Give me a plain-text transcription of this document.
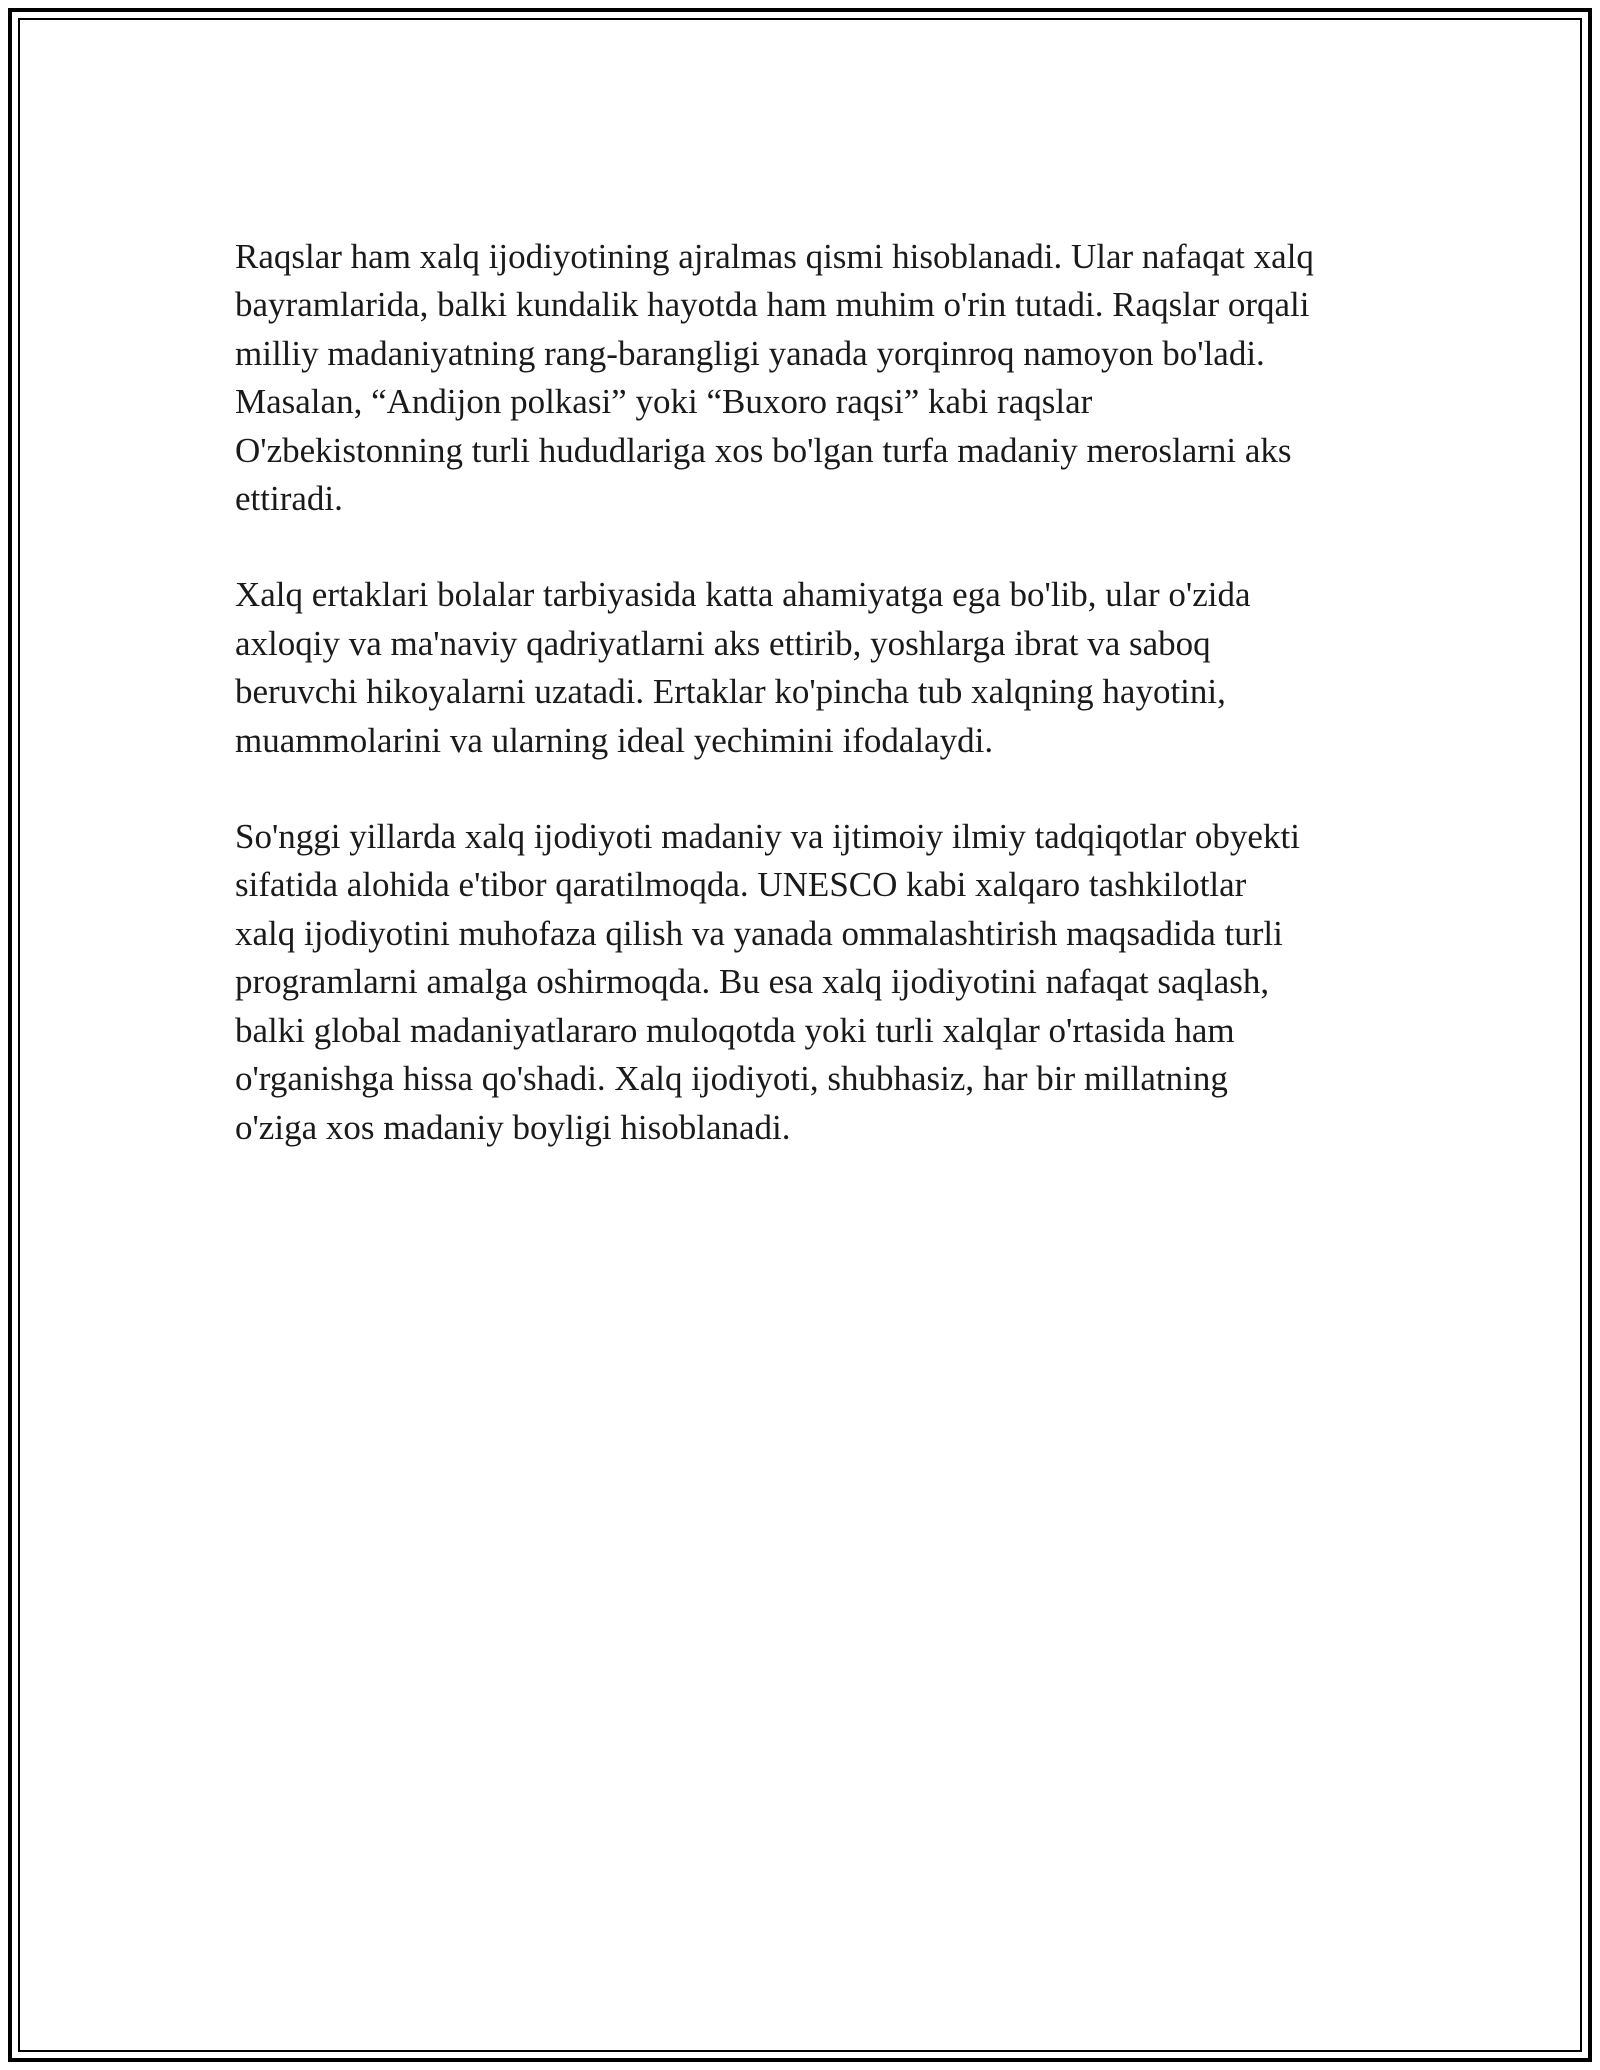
Raqslar ham xalq ijodiyotining ajralmas qismi hisoblanadi. Ular nafaqat xalq
bayramlarida, balki kundalik hayotda ham muhim o'rin tutadi. Raqslar orqali
milliy madaniyatning rang-barangligi yanada yorqinroq namoyon bo'ladi.
Masalan, “Andijon polkasi” yoki “Buxoro raqsi” kabi raqslar
O'zbekistonning turli hududlariga xos bo'lgan turfa madaniy meroslarni aks
ettiradi.

Xalq ertaklari bolalar tarbiyasida katta ahamiyatga ega bo'lib, ular o'zida
axloqiy va ma'naviy qadriyatlarni aks ettirib, yoshlarga ibrat va saboq
beruvchi hikoyalarni uzatadi. Ertaklar ko'pincha tub xalqning hayotini,
muammolarini va ularning ideal yechimini ifodalaydi.

So'nggi yillarda xalq ijodiyoti madaniy va ijtimoiy ilmiy tadqiqotlar obyekti
sifatida alohida e'tibor qaratilmoqda. UNESCO kabi xalqaro tashkilotlar
xalq ijodiyotini muhofaza qilish va yanada ommalashtirish maqsadida turli
programlarni amalga oshirmoqda. Bu esa xalq ijodiyotini nafaqat saqlash,
balki global madaniyatlararo muloqotda yoki turli xalqlar o'rtasida ham
o'rganishga hissa qo'shadi. Xalq ijodiyoti, shubhasiz, har bir millatning
o'ziga xos madaniy boyligi hisoblanadi.
